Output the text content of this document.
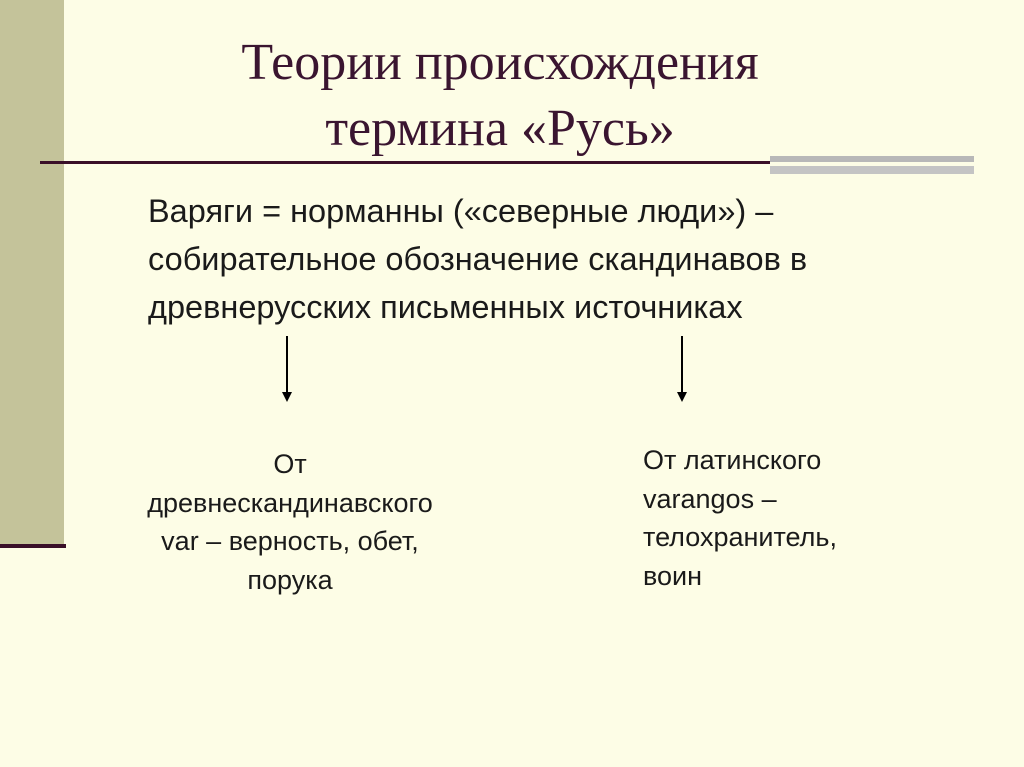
Теории происхождения
термина «Русь»
Варяги = норманны («северные люди») –
собирательное обозначение скандинавов в
древнерусских письменных источниках
От
древнескандинавского
var – верность, обет,
порука
От латинского
varangos –
телохранитель,
воин
